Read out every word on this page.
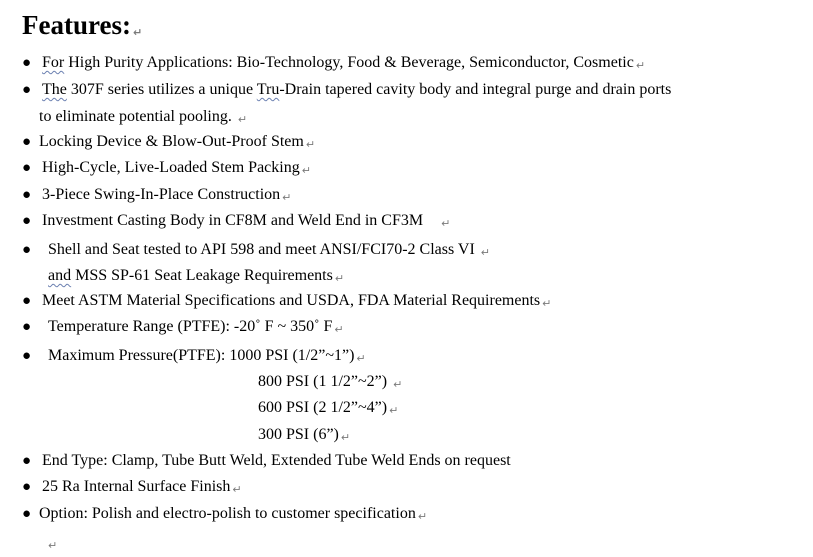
Features: ↵
● For High Purity Applications: Bio-Technology, Food & Beverage, Semiconductor, Cosmetic ↵
● The 307F series utilizes a unique Tru-Drain tapered cavity body and integral purge and drain ports
to eliminate potential pooling. ↵
● Locking Device & Blow-Out-Proof Stem ↵
● High-Cycle, Live-Loaded Stem Packing ↵
● 3-Piece Swing-In-Place Construction ↵
● Investment Casting Body in CF8M and Weld End in CF3M    ↵
● Shell and Seat tested to API 598 and meet ANSI/FCI70-2 Class VI ↵
and MSS SP-61 Seat Leakage Requirements ↵
● Meet ASTM Material Specifications and USDA, FDA Material Requirements ↵
● Temperature Range (PTFE): -20˚ F ~ 350˚ F ↵
● Maximum Pressure(PTFE): 1000 PSI (1/2”~1”) ↵
800 PSI (1 1/2”~2”) ↵
600 PSI (2 1/2”~4”) ↵
300 PSI (6”) ↵
● End Type: Clamp, Tube Butt Weld, Extended Tube Weld Ends on request
● 25 Ra Internal Surface Finish ↵
● Option: Polish and electro-polish to customer specification ↵
↵
